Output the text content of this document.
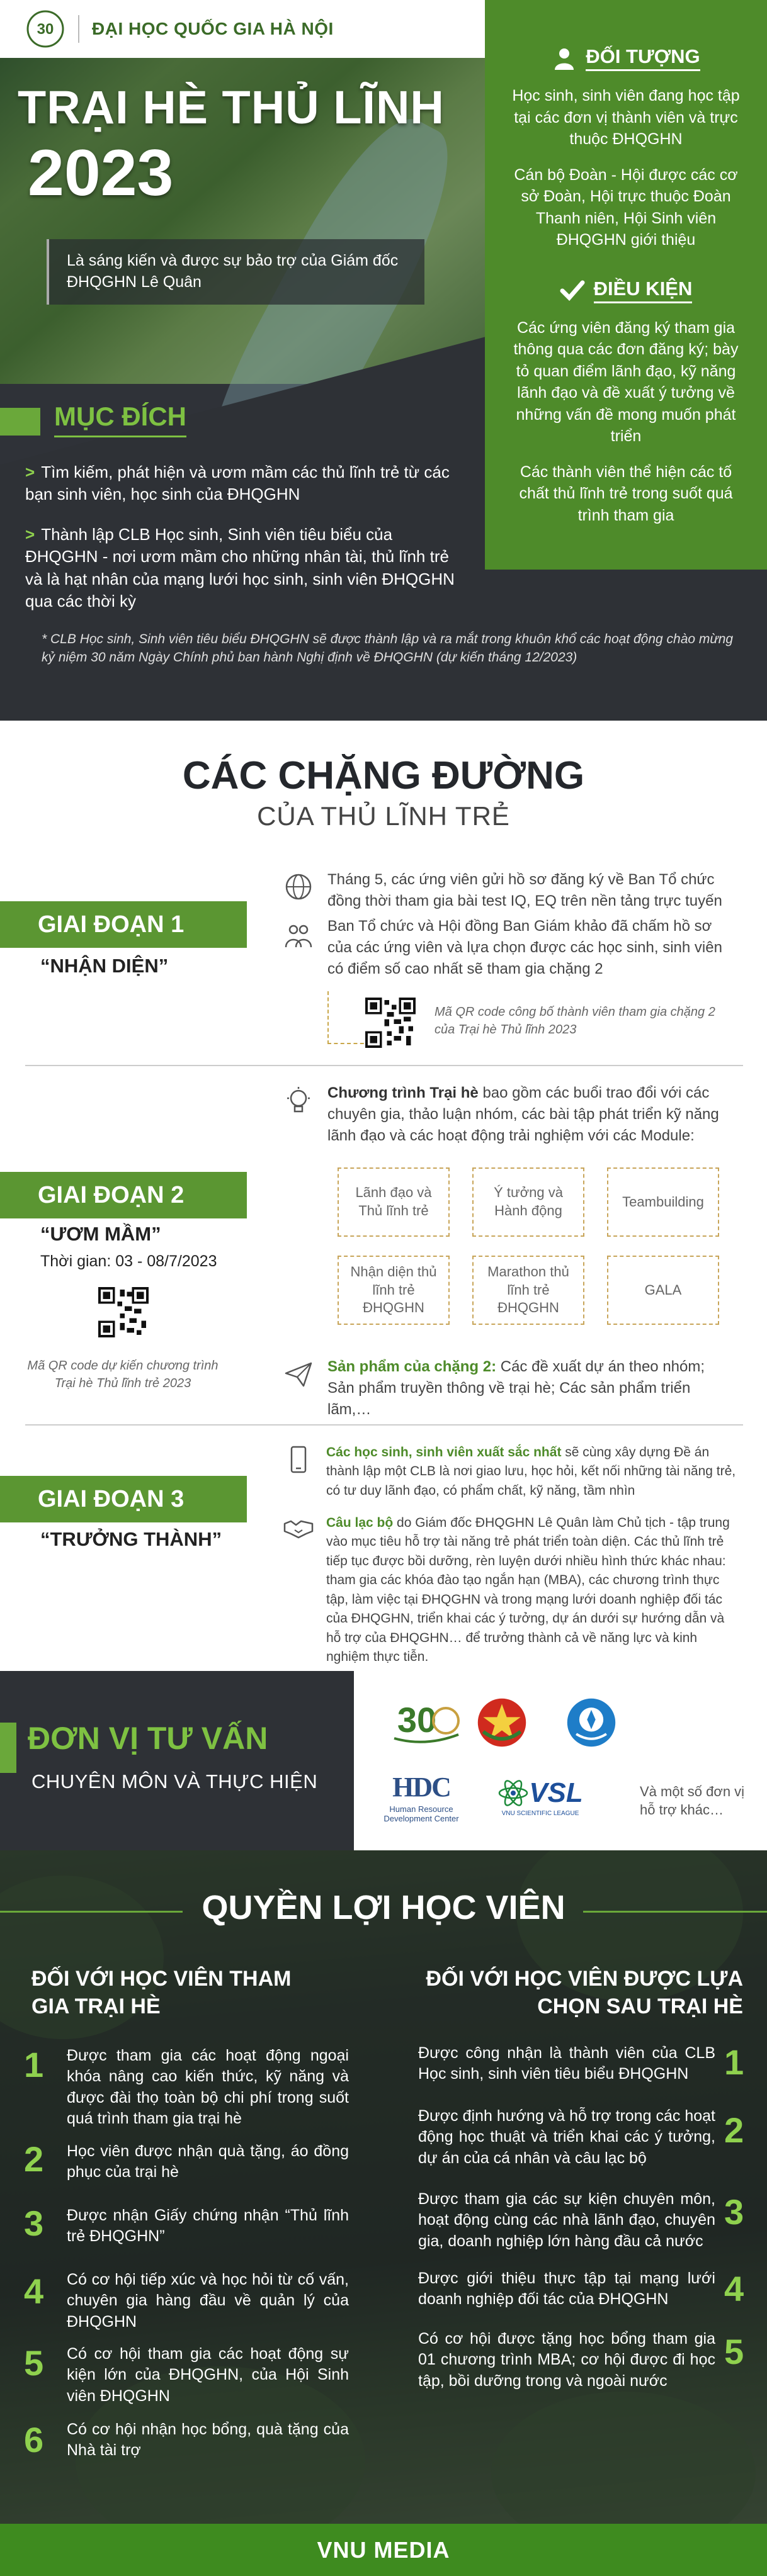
30 ĐẠI HỌC QUỐC GIA HÀ NỘI
TRẠI HÈ THỦ LĨNH
2023
Là sáng kiến và được sự bảo trợ của Giám đốc ĐHQGHN Lê Quân
ĐỐI TƯỢNG
Học sinh, sinh viên đang học tập tại các đơn vị thành viên và trực thuộc ĐHQGHN
Cán bộ Đoàn - Hội được các cơ sở Đoàn, Hội trực thuộc Đoàn Thanh niên, Hội Sinh viên ĐHQGHN giới thiệu
ĐIỀU KIỆN
Các ứng viên đăng ký tham gia thông qua các đơn đăng ký; bày tỏ quan điểm lãnh đạo, kỹ năng lãnh đạo và đề xuất ý tưởng về những vấn đề mong muốn phát triển
Các thành viên thể hiện các tố chất thủ lĩnh trẻ trong suốt quá trình tham gia
MỤC ĐÍCH
> Tìm kiếm, phát hiện và ươm mầm các thủ lĩnh trẻ từ các bạn sinh viên, học sinh của ĐHQGHN
> Thành lập CLB Học sinh, Sinh viên tiêu biểu của ĐHQGHN - nơi ươm mầm cho những nhân tài, thủ lĩnh trẻ và là hạt nhân của mạng lưới học sinh, sinh viên ĐHQGHN qua các thời kỳ
* CLB Học sinh, Sinh viên tiêu biểu ĐHQGHN sẽ được thành lập và ra mắt trong khuôn khổ các hoạt động chào mừng kỷ niệm 30 năm Ngày Chính phủ ban hành Nghị định về ĐHQGHN (dự kiến tháng 12/2023)
CÁC CHẶNG ĐƯỜNG
CỦA THỦ LĨNH TRẺ
Tháng 5, các ứng viên gửi hồ sơ đăng ký về Ban Tổ chức đồng thời tham gia bài test IQ, EQ trên nền tảng trực tuyến
Ban Tổ chức và Hội đồng Ban Giám khảo đã chấm hồ sơ của các ứng viên và lựa chọn được các học sinh, sinh viên có điểm số cao nhất sẽ tham gia chặng 2
Mã QR code công bố thành viên tham gia chặng 2 của Trại hè Thủ lĩnh 2023
GIAI ĐOẠN 1
“NHẬN DIỆN”
Chương trình Trại hè bao gồm các buổi trao đổi với các chuyên gia, thảo luận nhóm, các bài tập phát triển kỹ năng lãnh đạo và các hoạt động trải nghiệm với các Module:
Lãnh đạo và Thủ lĩnh trẻ
Ý tưởng và Hành động
Teambuilding
Nhận diện thủ lĩnh trẻ ĐHQGHN
Marathon thủ lĩnh trẻ ĐHQGHN
GALA
Sản phẩm của chặng 2: Các đề xuất dự án theo nhóm; Sản phẩm truyền thông về trại hè; Các sản phẩm triển lãm,…
GIAI ĐOẠN 2
“ƯƠM MẦM”
Thời gian: 03 - 08/7/2023
Mã QR code dự kiến chương trình Trại hè Thủ lĩnh trẻ 2023
Các học sinh, sinh viên xuất sắc nhất sẽ cùng xây dựng Đề án thành lập một CLB là nơi giao lưu, học hỏi, kết nối những tài năng trẻ, có tư duy lãnh đạo, có phẩm chất, kỹ năng, tầm nhìn
Câu lạc bộ do Giám đốc ĐHQGHN Lê Quân làm Chủ tịch - tập trung vào mục tiêu hỗ trợ tài năng trẻ phát triển toàn diện. Các thủ lĩnh trẻ tiếp tục được bồi dưỡng, rèn luyện dưới nhiều hình thức khác nhau: tham gia các khóa đào tạo ngắn hạn (MBA), các chương trình thực tập, làm việc tại ĐHQGHN và trong mạng lưới doanh nghiệp đối tác của ĐHQGHN, triển khai các ý tưởng, dự án dưới sự hướng dẫn và hỗ trợ của ĐHQGHN… để trưởng thành cả về năng lực và kinh nghiệm thực tiễn.
GIAI ĐOẠN 3
“TRƯỞNG THÀNH”
ĐƠN VỊ TƯ VẤN
CHUYÊN MÔN VÀ THỰC HIỆN
30
HDC
Human Resource Development Center
VSL
VNU SCIENTIFIC LEAGUE
Và một số đơn vị hỗ trợ khác…
QUYỀN LỢI HỌC VIÊN
ĐỐI VỚI HỌC VIÊN THAM GIA TRẠI HÈ
ĐỐI VỚI HỌC VIÊN ĐƯỢC LỰA CHỌN SAU TRẠI HÈ
1 Được tham gia các hoạt động ngoại khóa nâng cao kiến thức, kỹ năng và được đài thọ toàn bộ chi phí trong suốt quá trình tham gia trại hè
2 Học viên được nhận quà tặng, áo đồng phục của trại hè
3 Được nhận Giấy chứng nhận “Thủ lĩnh trẻ ĐHQGHN”
4 Có cơ hội tiếp xúc và học hỏi từ cố vấn, chuyên gia hàng đầu về quản lý của ĐHQGHN
5 Có cơ hội tham gia các hoạt động sự kiện lớn của ĐHQGHN, của Hội Sinh viên ĐHQGHN
6 Có cơ hội nhận học bổng, quà tặng của Nhà tài trợ
Được công nhận là thành viên của CLB Học sinh, sinh viên tiêu biểu ĐHQGHN	1
Được định hướng và hỗ trợ trong các hoạt động học thuật và triển khai các ý tưởng, dự án của cá nhân và câu lạc bộ
2
Được tham gia các sự kiện chuyên môn, hoạt động cùng các nhà lãnh đạo, chuyên gia, doanh nghiệp lớn hàng đầu cả nước
3
Được giới thiệu thực tập tại mạng lưới doanh nghiệp đối tác của ĐHQGHN	4
Có cơ hội được tặng học bổng tham gia 01 chương trình MBA; cơ hội được đi học tập, bồi dưỡng trong và ngoài nước
5
VNU MEDIA
